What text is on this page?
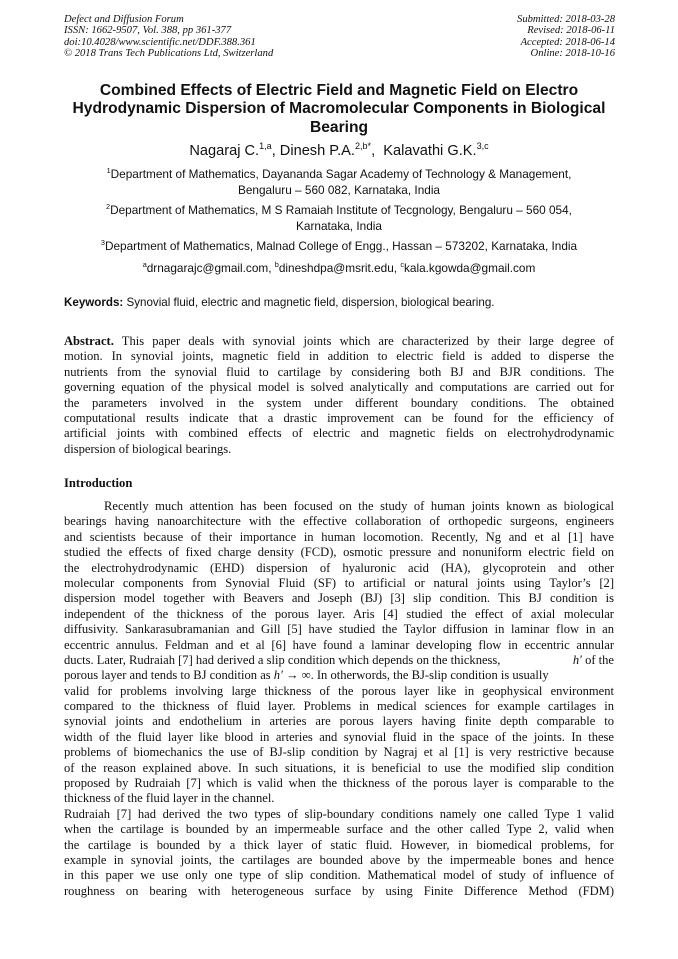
Defect and Diffusion Forum
ISSN: 1662-9507, Vol. 388, pp 361-377
doi:10.4028/www.scientific.net/DDF.388.361
© 2018 Trans Tech Publications Ltd, Switzerland
Submitted: 2018-03-28
Revised: 2018-06-11
Accepted: 2018-06-14
Online: 2018-10-16
Combined Effects of Electric Field and Magnetic Field on Electro
Hydrodynamic Dispersion of Macromolecular Components in Biological
Bearing
Nagaraj C.$^{1,a}$, Dinesh P.A.$^{2,b*}$,  Kalavathi G.K.$^{3,c}$
$^1$Department of Mathematics, Dayananda Sagar Academy of Technology & Management,
Bengaluru – 560 082, Karnataka, India
$^2$Department of Mathematics, M S Ramaiah Institute of Tecgnology, Bengaluru – 560 054,
Karnataka, India
$^3$Department of Mathematics, Malnad College of Engg., Hassan – 573202, Karnataka, India
$^a$drnagarajc@gmail.com, $^b$dineshdpa@msrit.edu, $^c$kala.kgowda@gmail.com
Keywords: Synovial fluid, electric and magnetic field, dispersion, biological bearing.
Abstract. This paper deals with synovial joints which are characterized by their large degree of
motion. In synovial joints, magnetic field in addition to electric field is added to disperse the
nutrients from the synovial fluid to cartilage by considering both BJ and BJR conditions. The
governing equation of the physical model is solved analytically and computations are carried out for
the parameters involved in the system under different boundary conditions. The obtained
computational results indicate that a drastic improvement can be found for the efficiency of
artificial joints with combined effects of electric and magnetic fields on electrohydrodynamic
dispersion of biological bearings.
Introduction
Recently much attention has been focused on the study of human joints known as biological
bearings having nanoarchitecture with the effective collaboration of orthopedic surgeons, engineers
and scientists because of their importance in human locomotion. Recently, Ng and et al [1] have
studied the effects of fixed charge density (FCD), osmotic pressure and nonuniform electric field on
the electrohydrodynamic (EHD) dispersion of hyaluronic acid (HA), glycoprotein and other
molecular components from Synovial Fluid (SF) to artificial or natural joints using Taylor’s [2]
dispersion model together with Beavers and Joseph (BJ) [3] slip condition. This BJ condition is
independent of the thickness of the porous layer. Aris [4] studied the effect of axial molecular
diffusivity. Sankarasubramanian and Gill [5] have studied the Taylor diffusion in laminar flow in an
eccentric annulus. Feldman and et al [6] have found a laminar developing flow in eccentric annular
ducts. Later, Rudraiah [7] had derived a slip condition which depends on the thickness,	h′ of the
porous layer and tends to BJ condition as h′ → ∞. In otherwords, the BJ-slip condition is usually
valid for problems involving large thickness of the porous layer like in geophysical environment
compared to the thickness of fluid layer. Problems in medical sciences for example cartilages in
synovial joints and endothelium in arteries are porous layers having finite depth comparable to
width of the fluid layer like blood in arteries and synovial fluid in the space of the joints. In these
problems of biomechanics the use of BJ-slip condition by Nagraj et al [1] is very restrictive because
of the reason explained above. In such situations, it is beneficial to use the modified slip condition
proposed by Rudraiah [7] which is valid when the thickness of the porous layer is comparable to the
thickness of the fluid layer in the channel.
Rudraiah [7] had derived the two types of slip-boundary conditions namely one called Type 1 valid
when the cartilage is bounded by an impermeable surface and the other called Type 2, valid when
the cartilage is bounded by a thick layer of static fluid. However, in biomedical problems, for
example in synovial joints, the cartilages are bounded above by the impermeable bones and hence
in this paper we use only one type of slip condition. Mathematical model of study of influence of
roughness on bearing with heterogeneous surface by using Finite Difference Method (FDM)
